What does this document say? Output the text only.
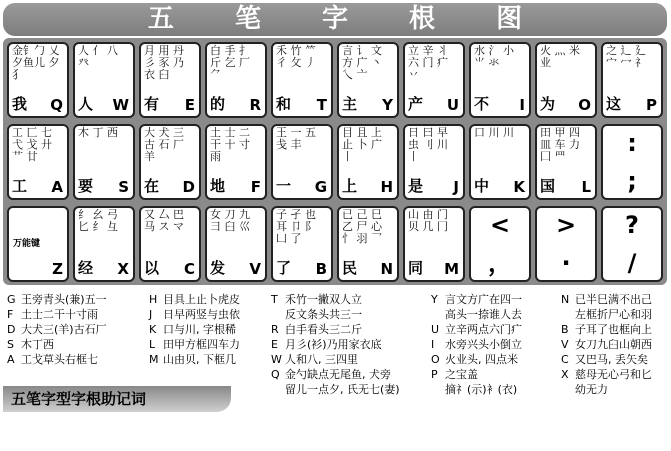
五 笔 字 根 图
金钅勹 乂 夕鱼儿 夕犭
我 Q
人 亻 八 癶
人 W
月 用 丹 彡 豕 乃 衣 臼
有 E
白 手 扌 斤 乞 厂 ⺈
的 R
禾 竹 ⺮ 彳 攵 丿
和 T
言 讠 文 方 广 丶 乀 亠
主 Y
立 辛 丬 六 门 疒 丷
产 U
水 氵 小 ⺌ 氺
不 I
火 灬 米 业
为 O
之 辶 廴 宀 冖 礻
这 P
工 匚 七 弋 戈 廾 艹 廿
工 A
木 丁 西
要 S
大 犬 三 古 石 厂 羊
在 D
土 士 二 干 十 寸 雨
地 F
王 一 五 戋 丰
一 G
目 且 上 止 卜 广 丨
上 H
日 曰 早 虫 刂 川 丨
是 J
口 川 川
中 K
田 甲 四 皿 车 力 囗 罒
国 L
:
;
万能键
Z
纟 幺 弓 匕 纟 彑
经 X
又 厶 巴 马 ス マ
以 C
女 刀 九 彐 臼 巛
发 V
子 孑 也 耳 卩 阝 凵 了
了 B
已 己 巳 乙 尸 心 忄 羽 乛
民 N
山 由 门 贝 几 冂
同 M
<
，
>
·
?
/
G 王旁青头(兼)五一
F 土士二干十寸雨
D 大犬三(羊)古石厂
S 木丁西
A 工戈草头右框七
H 目具上止卜虎皮
J 日早两竖与虫依
K 口与川, 字根稀
L 田甲方框四车力
M 山由贝, 下框几
T 禾竹一撇双人立
反文条头共三一
R 白手看头三二斤
E 月彡(衫)乃用家衣底
W 人和八, 三四里
Q 金勺缺点无尾鱼, 犬旁
留儿一点夕, 氏无七(妻)
Y 言文方广在四一
高头一捺谁人去
U 立辛两点六门疒
I 水旁兴头小倒立
O 火业头, 四点米
P 之宝盖
摘礻(示)衤(衣)
N 已半巳满不出己
左框折尸心和羽
B 子耳了也框向上
V 女刀九臼山朝西
C 又巴马, 丢矢矣
X 慈母无心弓和匕
幼无力
五笔字型字根助记词
